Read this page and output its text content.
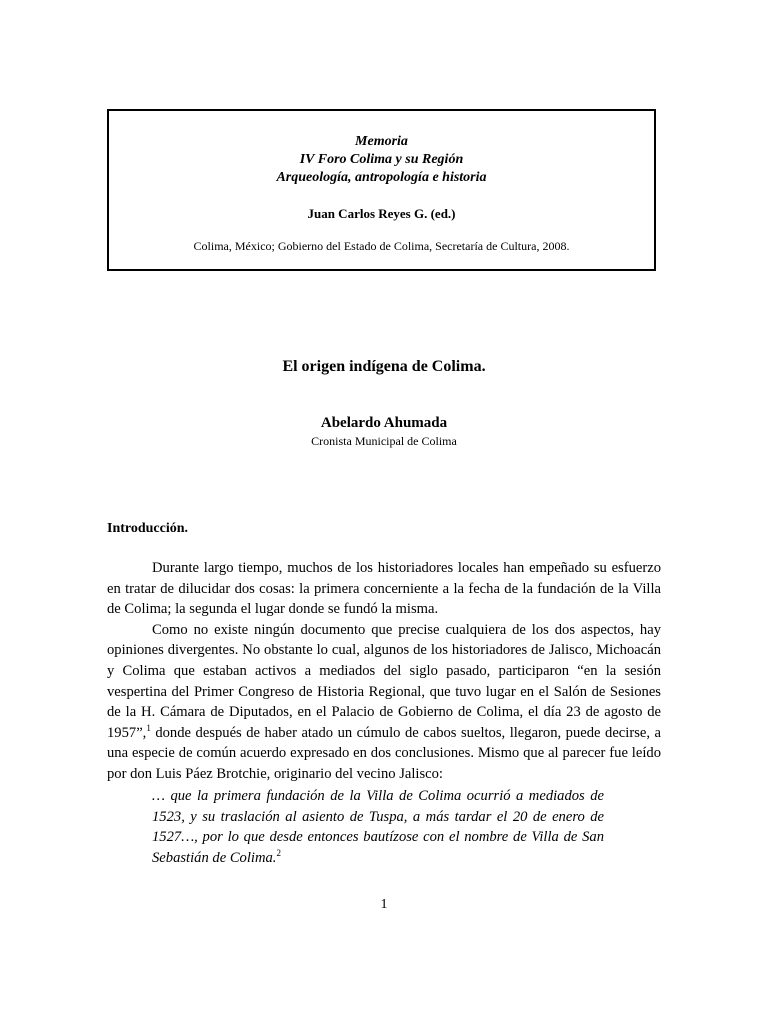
Memoria
IV Foro Colima y su Región
Arqueología, antropología e historia
Juan Carlos Reyes G. (ed.)
Colima, México; Gobierno del Estado de Colima, Secretaría de Cultura, 2008.
El origen indígena de Colima.
Abelardo Ahumada
Cronista Municipal de Colima
Introducción.

Durante largo tiempo, muchos de los historiadores locales han empeñado su esfuerzo en tratar de dilucidar dos cosas: la primera concerniente a la fecha de la fundación de la Villa de Colima; la segunda el lugar donde se fundó la misma.

Como no existe ningún documento que precise cualquiera de los dos aspectos, hay opiniones divergentes. No obstante lo cual, algunos de los historiadores de Jalisco, Michoacán y Colima que estaban activos a mediados del siglo pasado, participaron “en la sesión vespertina del Primer Congreso de Historia Regional, que tuvo lugar en el Salón de Sesiones de la H. Cámara de Diputados, en el Palacio de Gobierno de Colima, el día 23 de agosto de 1957”,$^1$ donde después de haber atado un cúmulo de cabos sueltos, llegaron, puede decirse, a una especie de común acuerdo expresado en dos conclusiones. Mismo que al parecer fue leído por don Luis Páez Brotchie, originario del vecino Jalisco:

… que la primera fundación de la Villa de Colima ocurrió a mediados de 1523, y su traslación al asiento de Tuspa, a más tardar el 20 de enero de 1527…, por lo que desde entonces bautízose con el nombre de Villa de San Sebastián de Colima.$^2$
1
